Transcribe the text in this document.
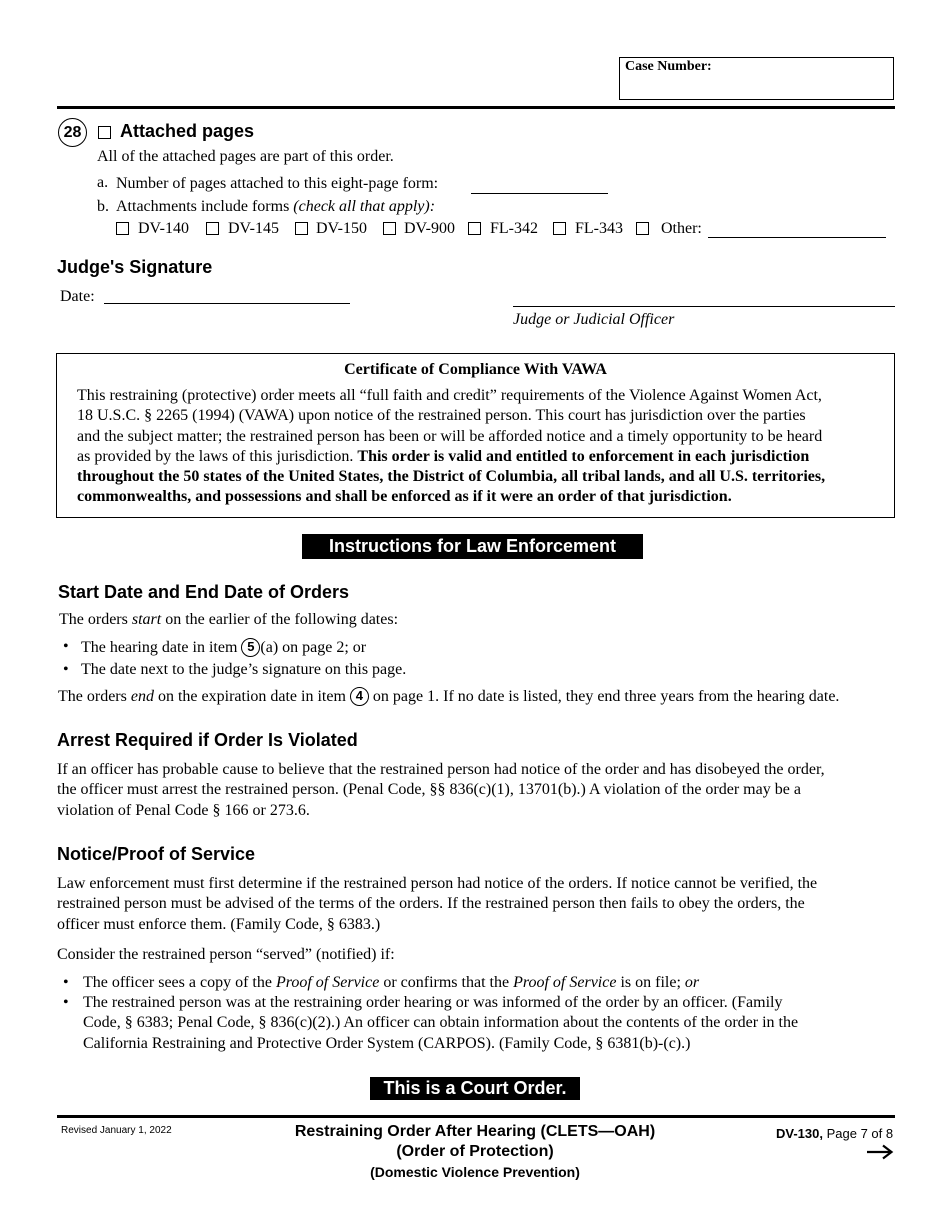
Case Number:
28	Attached pages
All of the attached pages are part of this order.
a. Number of pages attached to this eight-page form:
b. Attachments include forms (check all that apply):
DV-140 DV-145 DV-150 DV-900 FL-342 FL-343 Other:
Judge's Signature
Date:
Judge or Judicial Officer
Certificate of Compliance With VAWA
This restraining (protective) order meets all “full faith and credit” requirements of the Violence Against Women Act,
18 U.S.C. § 2265 (1994) (VAWA) upon notice of the restrained person. This court has jurisdiction over the parties
and the subject matter; the restrained person has been or will be afforded notice and a timely opportunity to be heard
as provided by the laws of this jurisdiction. This order is valid and entitled to enforcement in each jurisdiction
throughout the 50 states of the United States, the District of Columbia, all tribal lands, and all U.S. territories,
commonwealths, and possessions and shall be enforced as if it were an order of that jurisdiction.
Instructions for Law Enforcement
Start Date and End Date of Orders
The orders start on the earlier of the following dates:
• The hearing date in item 5 (a) on page 2; or
• The date next to the judge’s signature on this page.
The orders end on the expiration date in item 4 on page 1. If no date is listed, they end three years from the hearing date.
Arrest Required if Order Is Violated
If an officer has probable cause to believe that the restrained person had notice of the order and has disobeyed the order,
the officer must arrest the restrained person. (Penal Code, §§ 836(c)(1), 13701(b).) A violation of the order may be a
violation of Penal Code § 166 or 273.6.
Notice/Proof of Service
Law enforcement must first determine if the restrained person had notice of the orders. If notice cannot be verified, the
restrained person must be advised of the terms of the orders. If the restrained person then fails to obey the orders, the
officer must enforce them. (Family Code, § 6383.)
Consider the restrained person “served” (notified) if:
• The officer sees a copy of the Proof of Service or confirms that the Proof of Service is on file; or
• The restrained person was at the restraining order hearing or was informed of the order by an officer. (Family
Code, § 6383; Penal Code, § 836(c)(2).) An officer can obtain information about the contents of the order in the
California Restraining and Protective Order System (CARPOS). (Family Code, § 6381(b)-(c).)
This is a Court Order.
Revised January 1, 2022	Restraining Order After Hearing (CLETS—OAH)
(Order of Protection)
(Domestic Violence Prevention)
DV-130, Page 7 of 8
